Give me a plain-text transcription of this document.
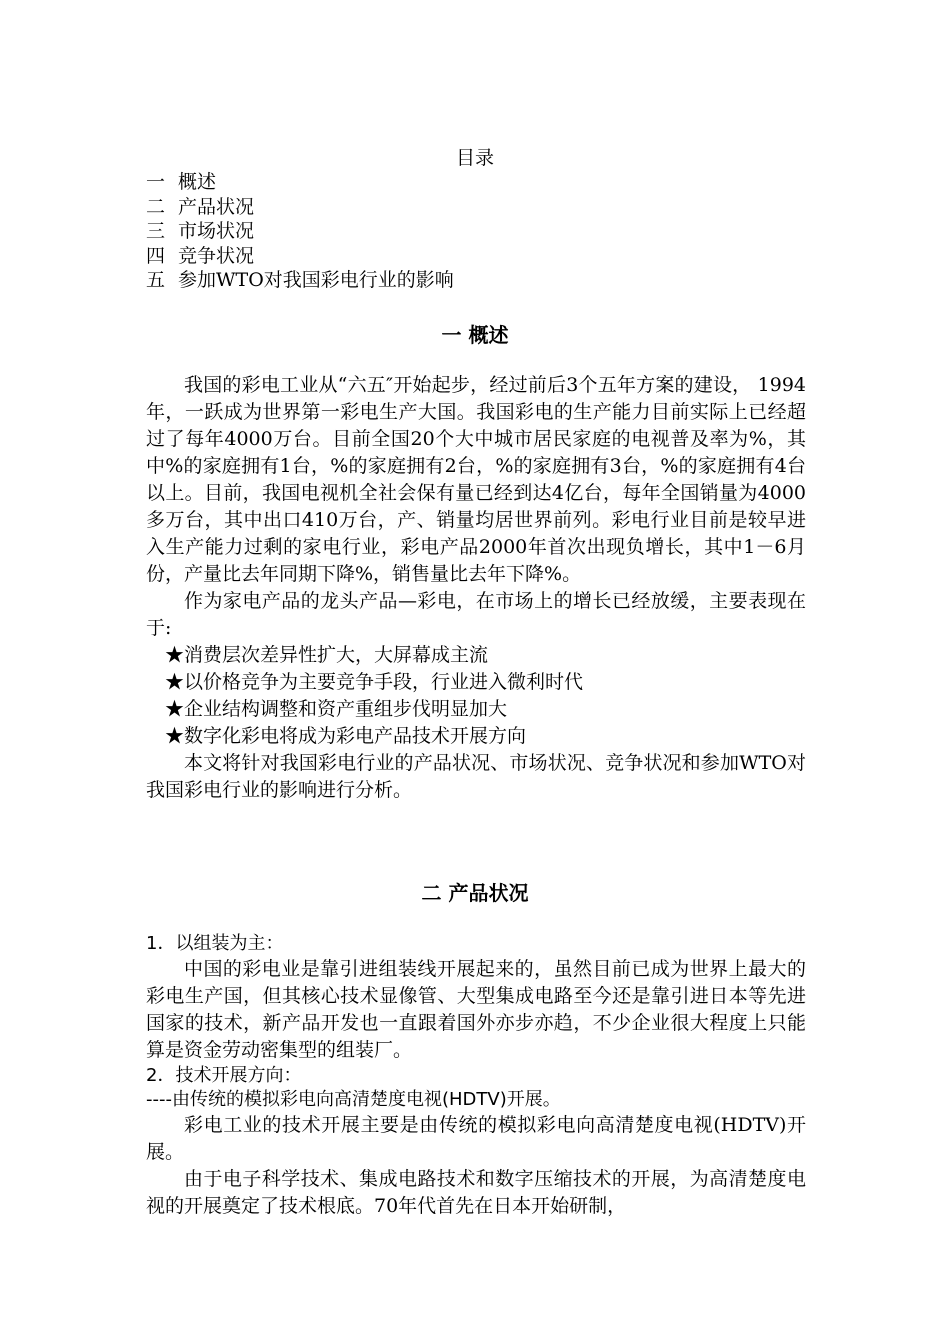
目录
一 概述
二 产品状况
三 市场状况
四 竞争状况
五 参加WTO对我国彩电行业的影响
一 概述

我国的彩电工业从“六五″开始起步，经过前后3个五年方案的建设， 1994年，一跃成为世界第一彩电生产大国。我国彩电的生产能力目前实际上已经超过了每年4000万台。目前全国20个大中城市居民家庭的电视普及率为%，其中%的家庭拥有1台，%的家庭拥有2台，%的家庭拥有3台，%的家庭拥有4台以上。目前，我国电视机全社会保有量已经到达4亿台，每年全国销量为4000多万台，其中出口410万台，产、销量均居世界前列。彩电行业目前是较早进入生产能力过剩的家电行业，彩电产品2000年首次出现负增长，其中1－6月份，产量比去年同期下降%，销售量比去年下降%。

作为家电产品的龙头产品—彩电，在市场上的增长已经放缓，主要表现在于:

★消费层次差异性扩大，大屏幕成主流

★以价格竞争为主要竞争手段，行业进入微利时代

★企业结构调整和资产重组步伐明显加大

★数字化彩电将成为彩电产品技术开展方向

本文将针对我国彩电行业的产品状况、市场状况、竞争状况和参加WTO对我国彩电行业的影响进行分析。

二 产品状况

1．以组装为主：

中国的彩电业是靠引进组装线开展起来的，虽然目前已成为世界上最大的彩电生产国，但其核心技术显像管、大型集成电路至今还是靠引进日本等先进国家的技术，新产品开发也一直跟着国外亦步亦趋，不少企业很大程度上只能算是资金劳动密集型的组装厂。

2．技术开展方向：

----由传统的模拟彩电向高清楚度电视(HDTV)开展。

彩电工业的技术开展主要是由传统的模拟彩电向高清楚度电视(HDTV)开展。

由于电子科学技术、集成电路技术和数字压缩技术的开展，为高清楚度电视的开展奠定了技术根底。70年代首先在日本开始研制，
